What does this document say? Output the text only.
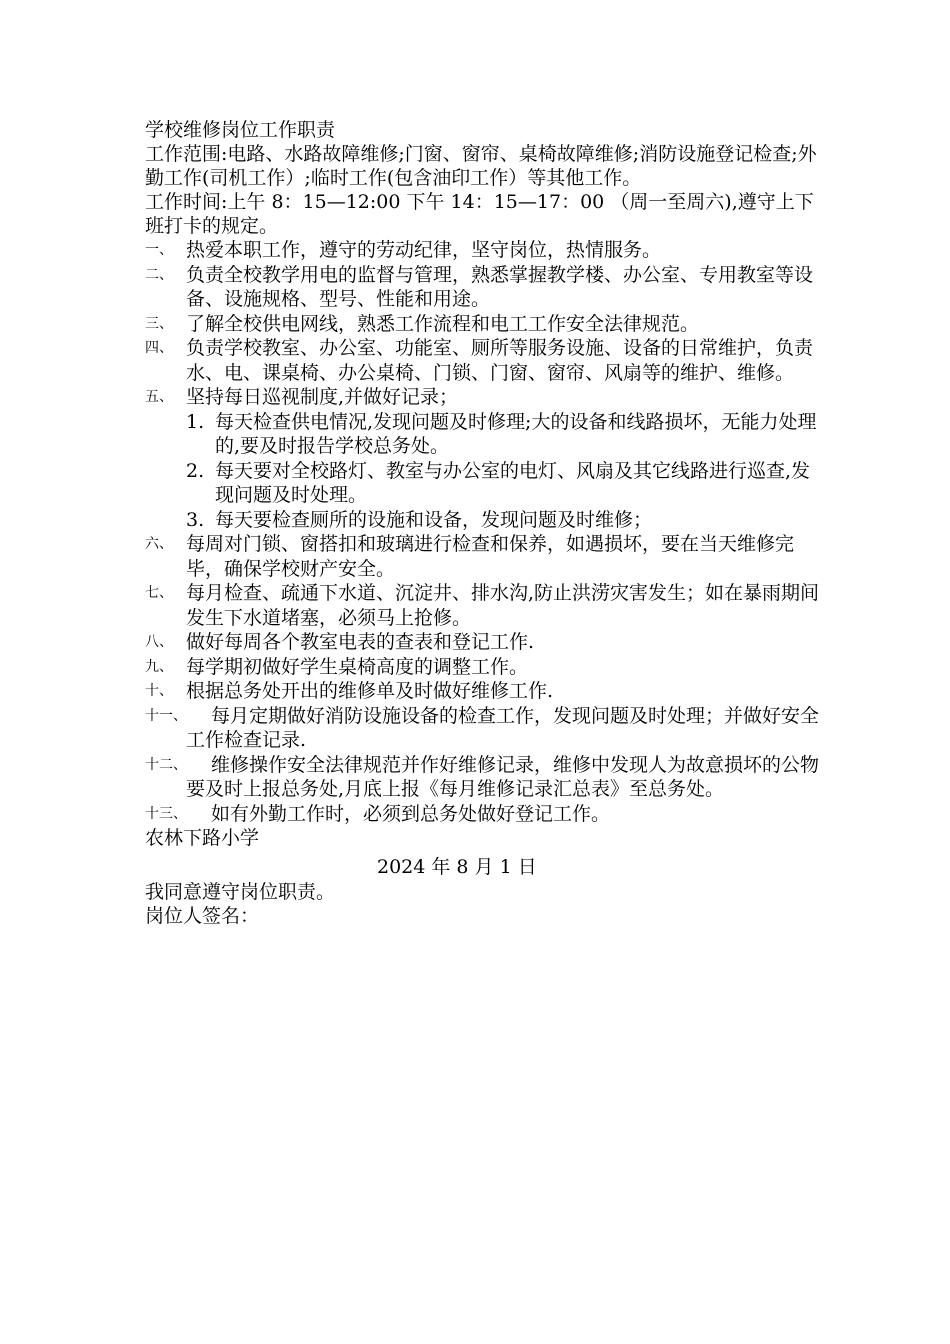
学校维修岗位工作职责
工作范围:电路、水路故障维修;门窗、窗帘、桌椅故障维修;消防设施登记检查;外勤工作(司机工作）;临时工作(包含油印工作）等其他工作。
工作时间:上午 8：15—12:00 下午 14：15—17：00 （周一至周六),遵守上下班打卡的规定。
一、 热爱本职工作，遵守的劳动纪律，坚守岗位，热情服务。
二、 负责全校教学用电的监督与管理，熟悉掌握教学楼、办公室、专用教室等设备、设施规格、型号、性能和用途。
三、 了解全校供电网线，熟悉工作流程和电工工作安全法律规范。
四、 负责学校教室、办公室、功能室、厕所等服务设施、设备的日常维护，负责水、电、课桌椅、办公桌椅、门锁、门窗、窗帘、风扇等的维护、维修。
五、 坚持每日巡视制度,并做好记录；
1. 每天检查供电情况,发现问题及时修理;大的设备和线路损坏，无能力处理的,要及时报告学校总务处。
2. 每天要对全校路灯、教室与办公室的电灯、风扇及其它线路进行巡查,发现问题及时处理。
3. 每天要检查厕所的设施和设备，发现问题及时维修；
六、 每周对门锁、窗搭扣和玻璃进行检查和保养，如遇损坏，要在当天维修完毕，确保学校财产安全。
七、 每月检查、疏通下水道、沉淀井、排水沟,防止洪涝灾害发生；如在暴雨期间发生下水道堵塞，必须马上抢修。
八、 做好每周各个教室电表的查表和登记工作.
九、 每学期初做好学生桌椅高度的调整工作。
十、 根据总务处开出的维修单及时做好维修工作.
十一、	每月定期做好消防设施设备的检查工作，发现问题及时处理；并做好安全工作检查记录.
十二、	维修操作安全法律规范并作好维修记录，维修中发现人为故意损坏的公物要及时上报总务处,月底上报《每月维修记录汇总表》至总务处。
十三、	如有外勤工作时，必须到总务处做好登记工作。
农林下路小学
2024 年 8 月 1 日
我同意遵守岗位职责。
岗位人签名：
